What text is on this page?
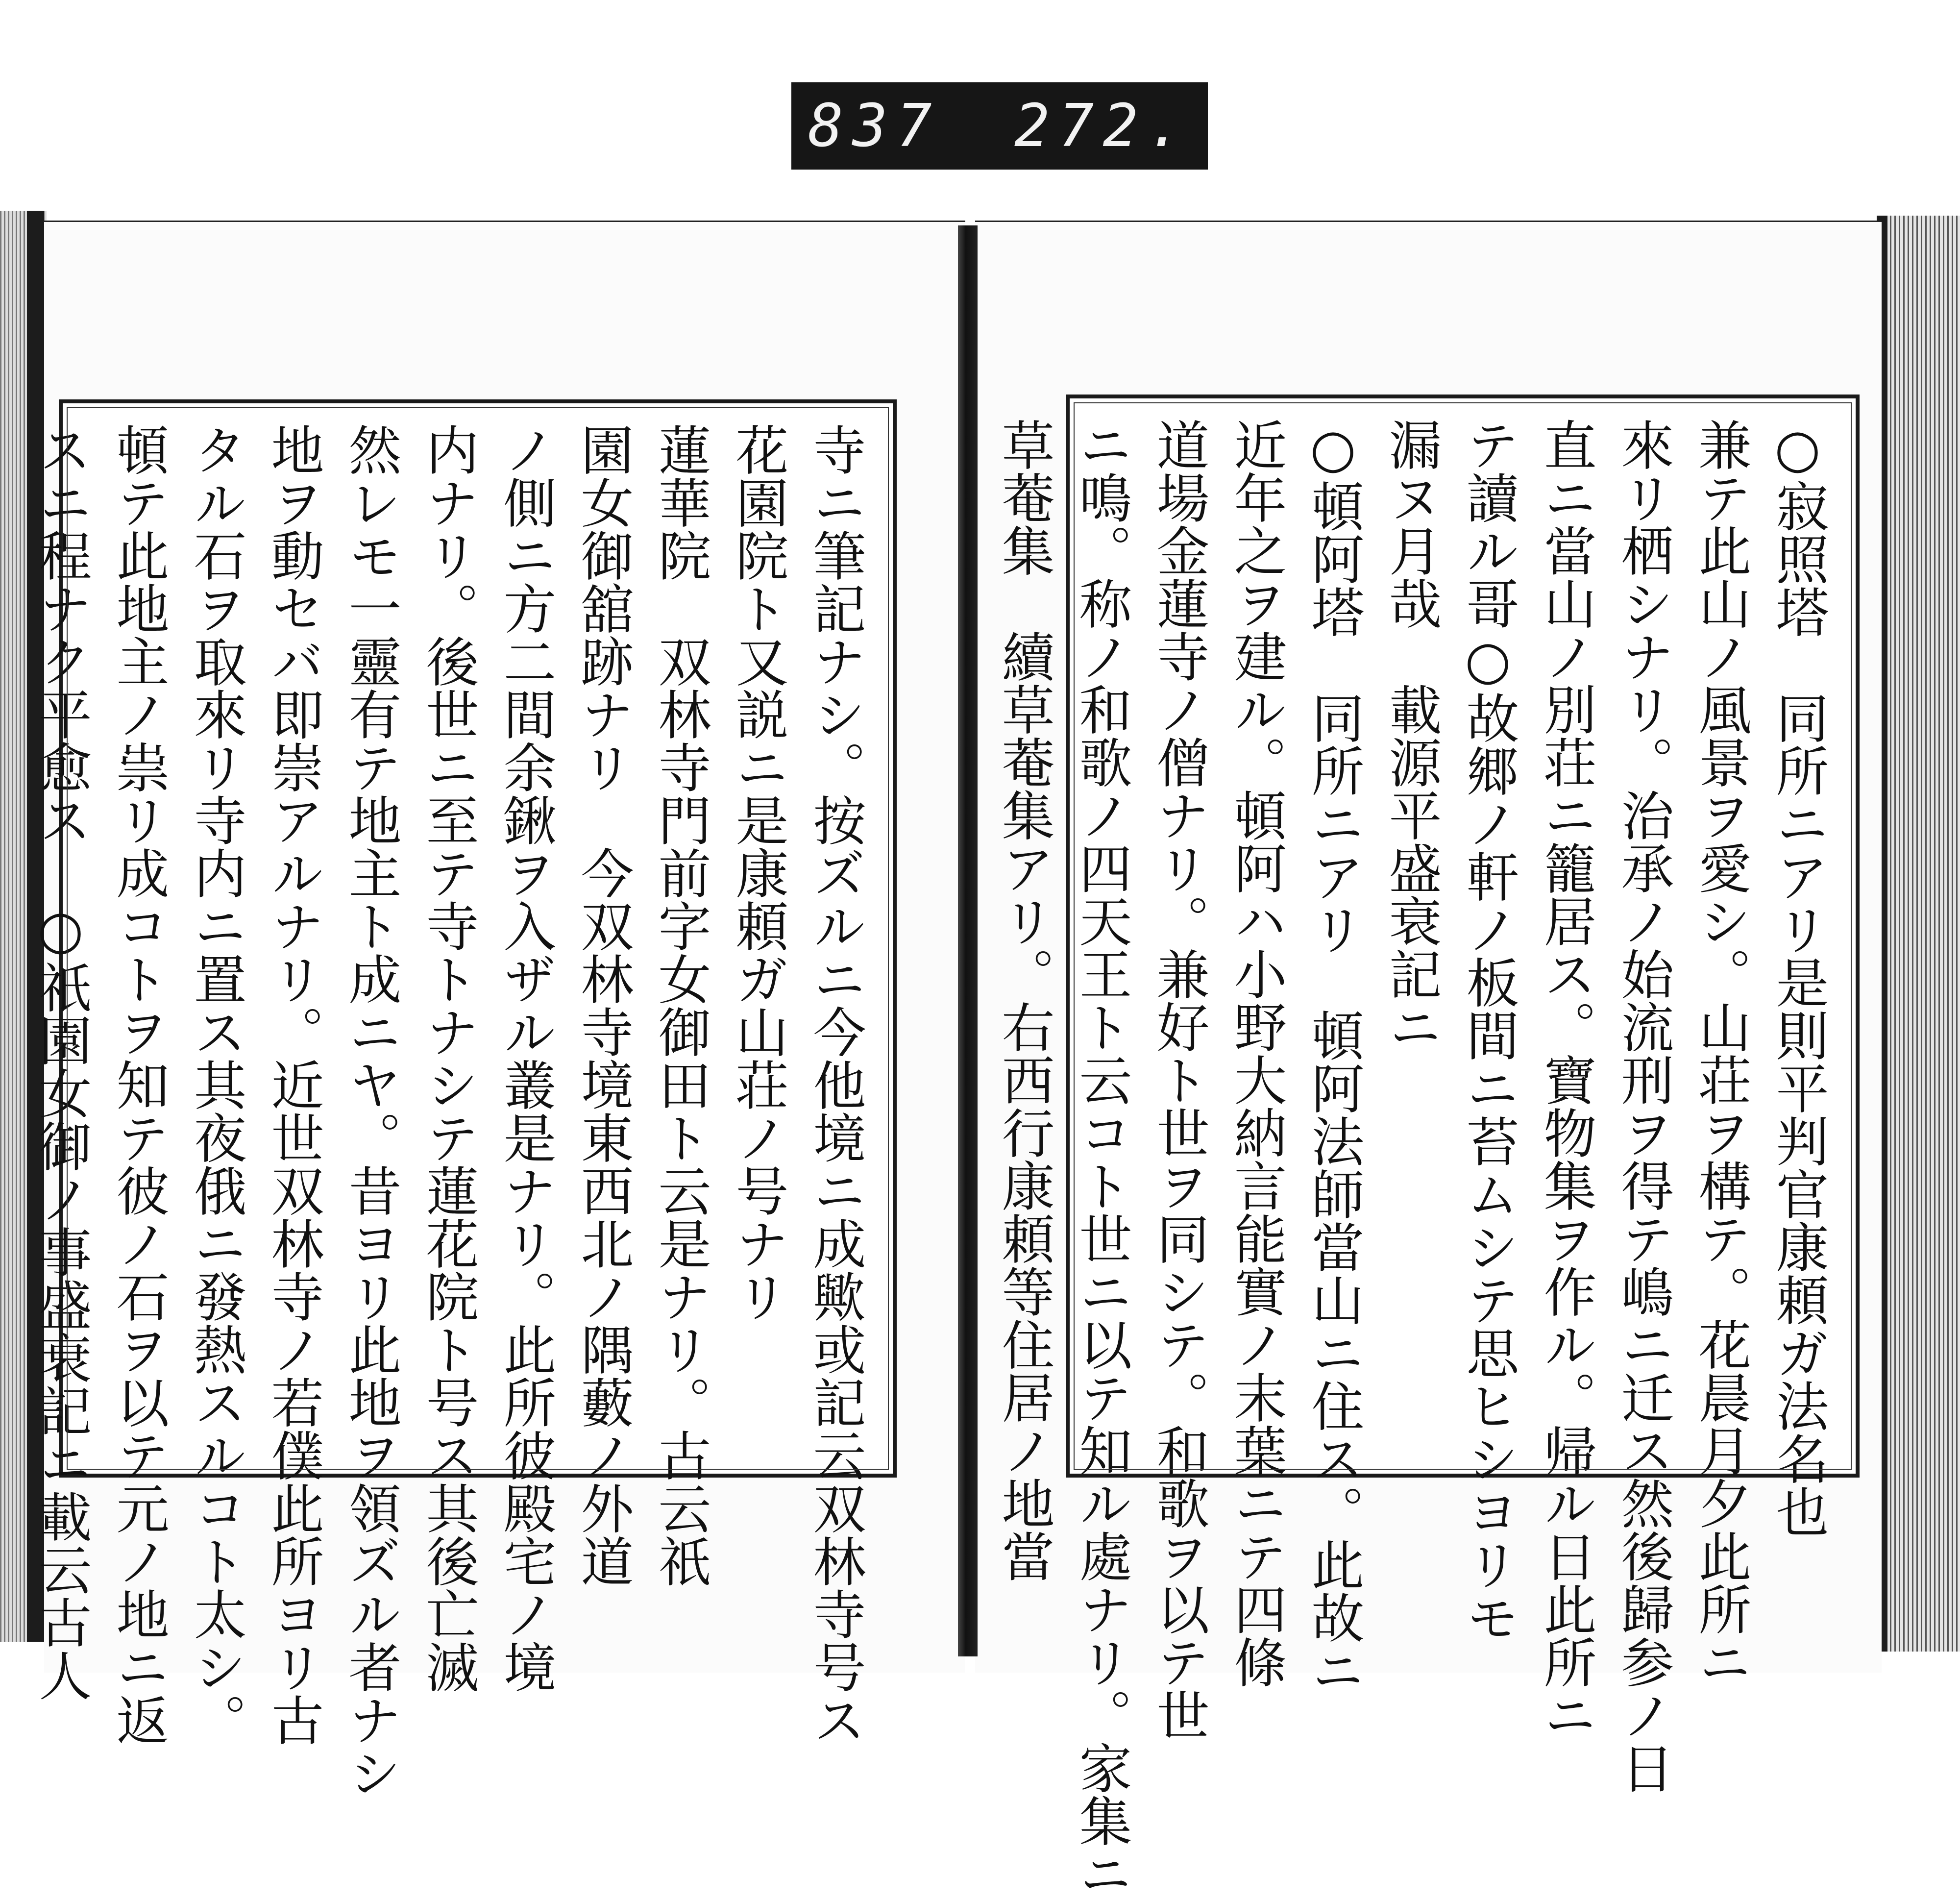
837 272.
寺ニ筆記ナシ。按ズルニ今他境ニ成歟或記云双林寺号ス
花園院ト又説ニ是康頼ガ山荘ノ号ナリ
蓮華院　双林寺門前字女御田ト云是ナリ。古云祇
園女御舘跡ナリ　今双林寺境東西北ノ隅藪ノ外道
ノ側ニ方二間余鍬ヲ入ザル叢是ナリ。此所彼殿宅ノ境
内ナリ。後世ニ至テ寺トナシテ蓮花院ト号ス其後亡滅
然レモ一靈有テ地主ト成ニヤ。昔ヨリ此地ヲ領ズル者ナシ
地ヲ動セバ即崇アルナリ。近世双林寺ノ若僕此所ヨリ古
タル石ヲ取來リ寺内ニ置ス其夜俄ニ發熱スルコト太シ。
頓テ此地主ノ祟リ成コトヲ知テ彼ノ石ヲ以テ元ノ地ニ返
スニ程ナク平愈ス　○祇園女御ノ事盛衰記ニ載云古人	○寂照塔　同所ニアリ是則平判官康頼ガ法名也
兼テ此山ノ風景ヲ愛シ。山荘ヲ構テ。花晨月夕此所ニ
來リ栖シナリ。治承ノ始流刑ヲ得テ嶋ニ迁ス然後歸参ノ日
直ニ當山ノ別荘ニ籠居ス。寶物集ヲ作ル。帰ル日此所ニ
テ讀ル哥○故郷ノ軒ノ板間ニ苔ムシテ思ヒシヨリモ
漏ヌ月哉　載源平盛衰記ニ
○頓阿塔　同所ニアリ　頓阿法師當山ニ住ス。此故ニ
近年之ヲ建ル。頓阿ハ小野大納言能實ノ末葉ニテ四條
道場金蓮寺ノ僧ナリ。兼好ト世ヲ同シテ。和歌ヲ以テ世
ニ鳴。称ノ和歌ノ四天王ト云コト世ニ以テ知ル處ナリ。家集ニ
草菴集　續草菴集アリ。右西行康頼等住居ノ地當
